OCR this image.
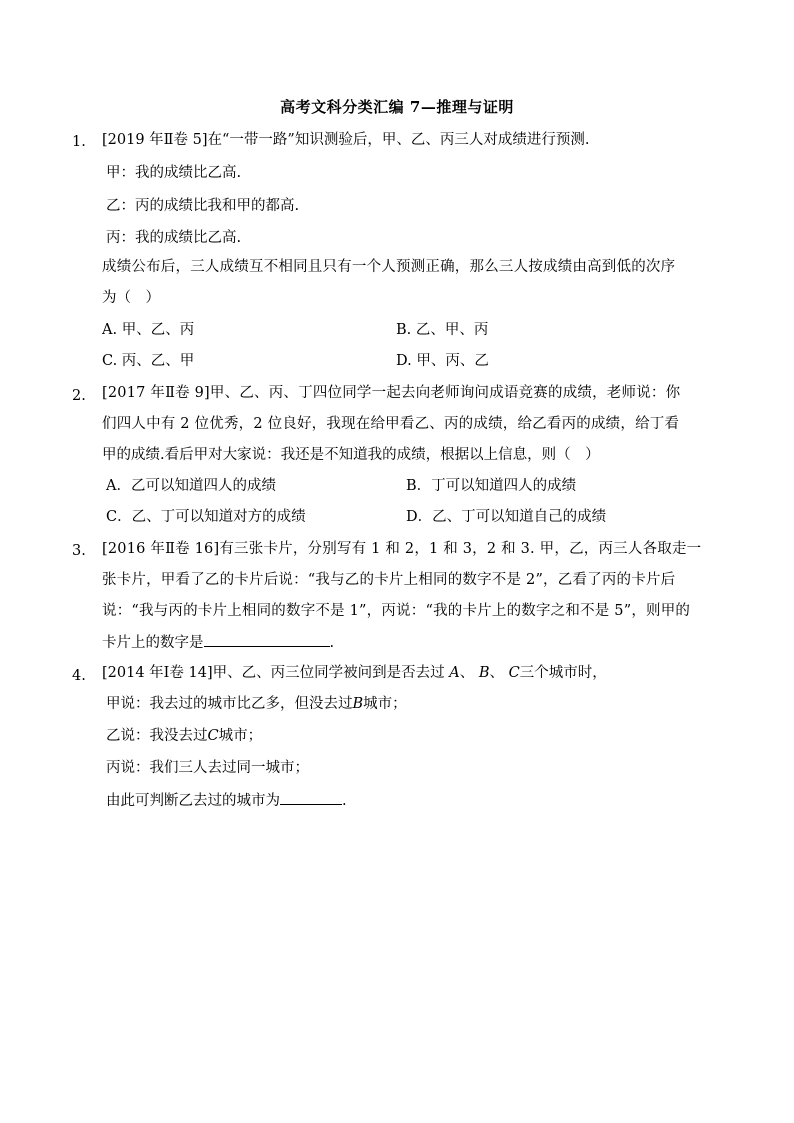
高考文科分类汇编 7—推理与证明
1. [2019 年Ⅱ卷 5]在“一带一路”知识测验后，甲、乙、丙三人对成绩进行预测.
甲：我的成绩比乙高.
乙：丙的成绩比我和甲的都高.
丙：我的成绩比乙高.
成绩公布后，三人成绩互不相同且只有一个人预测正确，那么三人按成绩由高到低的次序
为（　）
A. 甲、乙、丙	B. 乙、甲、丙
C. 丙、乙、甲	D. 甲、丙、乙
2. [2017 年Ⅱ卷 9]甲、乙、丙、丁四位同学一起去向老师询问成语竞赛的成绩，老师说：你
们四人中有 2 位优秀，2 位良好，我现在给甲看乙、丙的成绩，给乙看丙的成绩，给丁看
甲的成绩.看后甲对大家说：我还是不知道我的成绩，根据以上信息，则（　）
A．乙可以知道四人的成绩	B．丁可以知道四人的成绩
C．乙、丁可以知道对方的成绩	D．乙、丁可以知道自己的成绩
3. [2016 年Ⅱ卷 16]有三张卡片，分别写有 1 和 2，1 和 3，2 和 3. 甲，乙，丙三人各取走一
张卡片，甲看了乙的卡片后说：“我与乙的卡片上相同的数字不是 2”，乙看了丙的卡片后
说：“我与丙的卡片上相同的数字不是 1”，丙说：“我的卡片上的数字之和不是 5”，则甲的
卡片上的数字是	.
4. [2014 年Ⅰ卷 14]甲、乙、丙三位同学被问到是否去过 A、 B、 C三个城市时，
甲说：我去过的城市比乙多，但没去过B城市；
乙说：我没去过C城市；
丙说：我们三人去过同一城市；
由此可判断乙去过的城市为	.
